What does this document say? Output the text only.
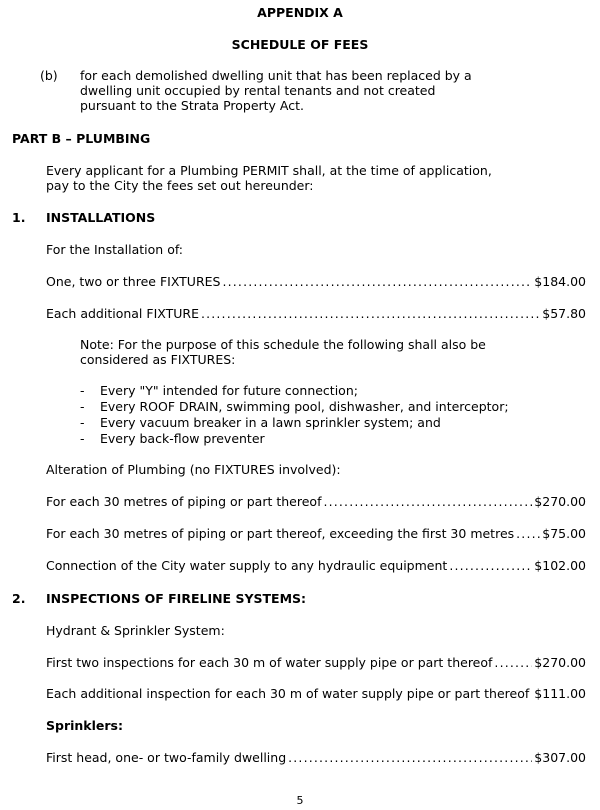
APPENDIX A
SCHEDULE OF FEES
(b) for each demolished dwelling unit that has been replaced by a
dwelling unit occupied by rental tenants and not created
pursuant to the Strata Property Act.
PART B – PLUMBING
Every applicant for a Plumbing PERMIT shall, at the time of application,
pay to the City the fees set out hereunder:
1. INSTALLATIONS
For the Installation of:
One, two or three FIXTURES . . .	$184.00
Each additional FIXTURE . . .	$57.80
Note: For the purpose of this schedule the following shall also be
considered as FIXTURES:
- Every "Y" intended for future connection;
- Every ROOF DRAIN, swimming pool, dishwasher, and interceptor;
- Every vacuum breaker in a lawn sprinkler system; and
- Every back-flow preventer
Alteration of Plumbing (no FIXTURES involved):
For each 30 metres of piping or part thereof . . .	$270.00
For each 30 metres of piping or part thereof, exceeding the first 30 metres . . . $75.00
Connection of the City water supply to any hydraulic equipment . . .	$102.00
2. INSPECTIONS OF FIRELINE SYSTEMS:
Hydrant & Sprinkler System:
First two inspections for each 30 m of water supply pipe or part thereof . . .	$270.00
Each additional inspection for each 30 m of water supply pipe or part thereof . . . $111.00
Sprinklers:
First head, one- or two-family dwelling . . .	$307.00
5
